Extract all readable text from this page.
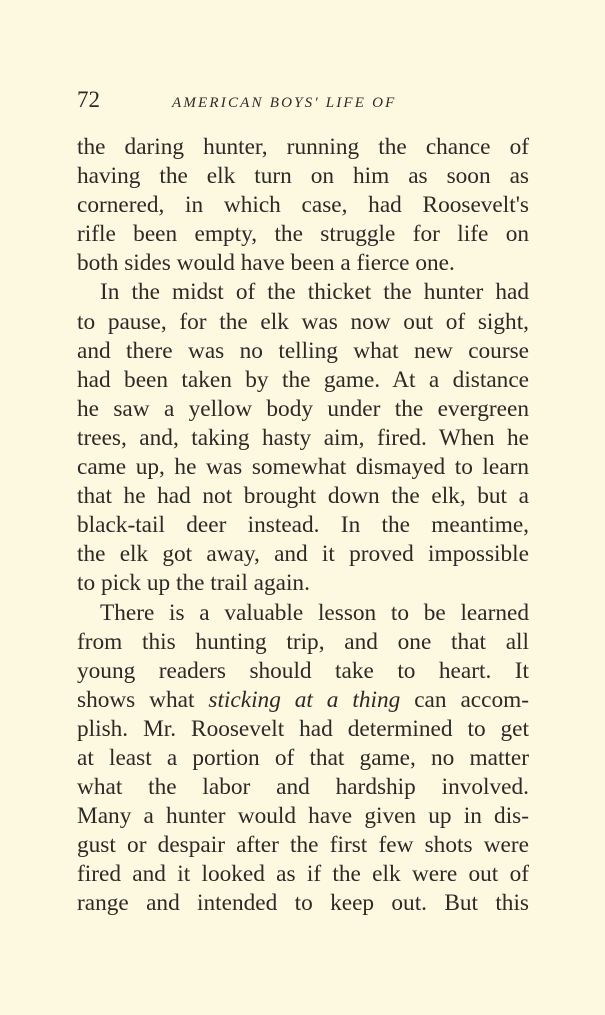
72	AMERICAN BOYS' LIFE OF
the daring hunter, running the chance of
having the elk turn on him as soon as
cornered, in which case, had Roosevelt's
rifle been empty, the struggle for life on
both sides would have been a fierce one.
In the midst of the thicket the hunter had
to pause, for the elk was now out of sight,
and there was no telling what new course
had been taken by the game. At a distance
he saw a yellow body under the evergreen
trees, and, taking hasty aim, fired. When he
came up, he was somewhat dismayed to learn
that he had not brought down the elk, but a
black-tail deer instead. In the meantime,
the elk got away, and it proved impossible
to pick up the trail again.
There is a valuable lesson to be learned
from this hunting trip, and one that all
young readers should take to heart. It
shows what sticking at a thing can accom-
plish. Mr. Roosevelt had determined to get
at least a portion of that game, no matter
what the labor and hardship involved.
Many a hunter would have given up in dis-
gust or despair after the first few shots were
fired and it looked as if the elk were out of
range and intended to keep out. But this
